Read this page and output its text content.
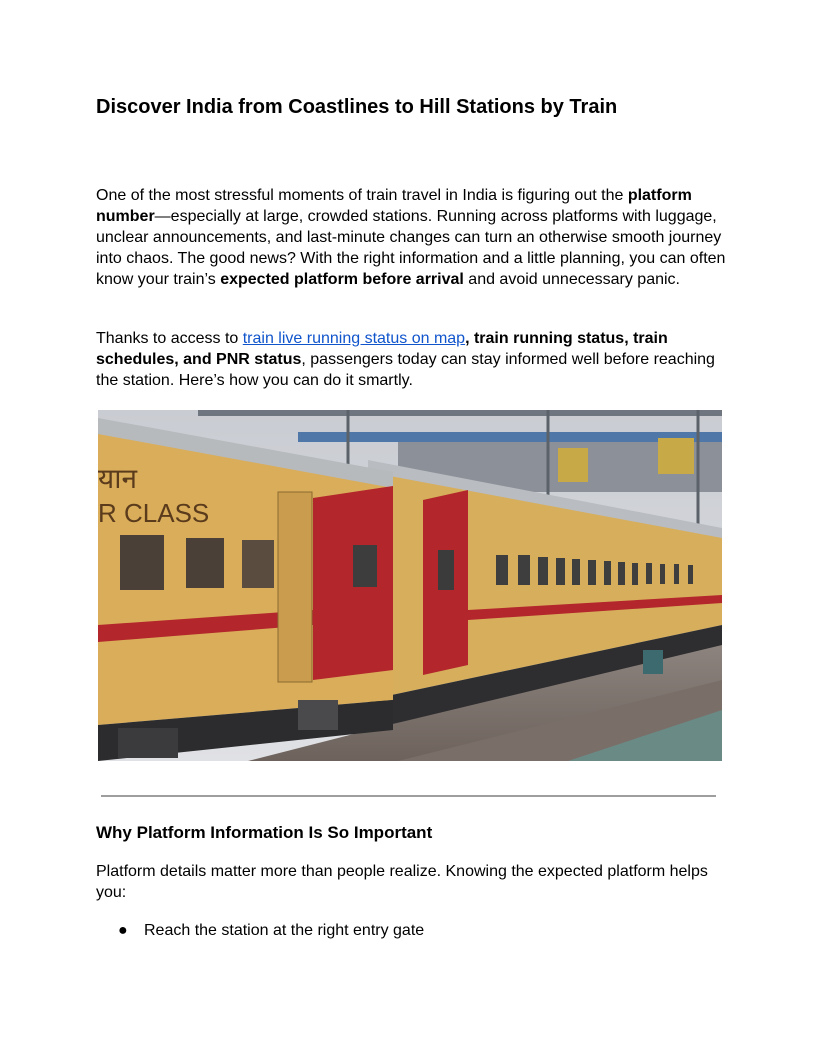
Discover India from Coastlines to Hill Stations by Train

One of the most stressful moments of train travel in India is figuring out the platform number—especially at large, crowded stations. Running across platforms with luggage, unclear announcements, and last-minute changes can turn an otherwise smooth journey into chaos. The good news? With the right information and a little planning, you can often know your train’s expected platform before arrival and avoid unnecessary panic.

Thanks to access to train live running status on map, train running status, train schedules, and PNR status, passengers today can stay informed well before reaching the station. Here’s how you can do it smartly.

यान
R CLASS
Why Platform Information Is So Important

Platform details matter more than people realize. Knowing the expected platform helps you:

● Reach the station at the right entry gate
